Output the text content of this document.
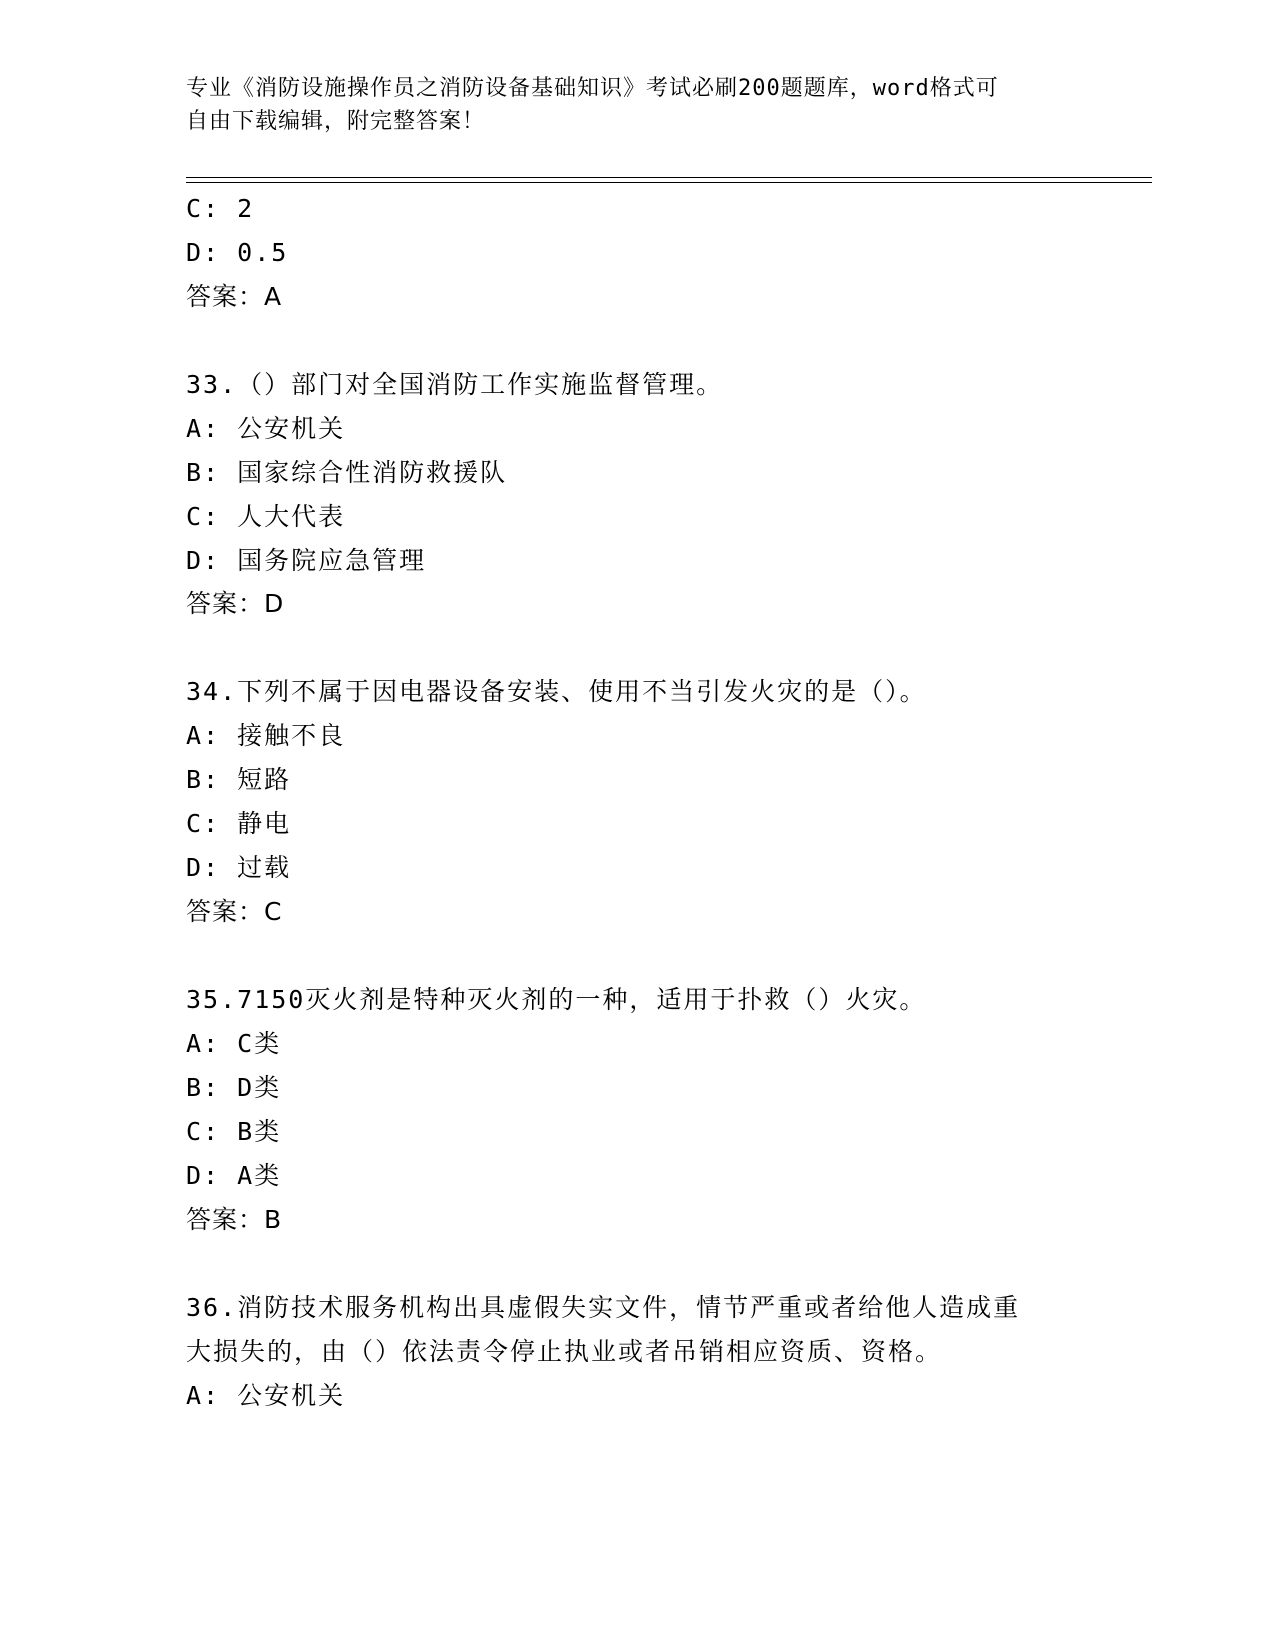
专业《消防设施操作员之消防设备基础知识》考试必刷200题题库，word格式可
自由下载编辑，附完整答案！
C: 2
D: 0.5
答案：A
33.（）部门对全国消防工作实施监督管理。
A: 公安机关
B: 国家综合性消防救援队
C: 人大代表
D: 国务院应急管理
答案：D
34.下列不属于因电器设备安装、使用不当引发火灾的是（）。
A: 接触不良
B: 短路
C: 静电
D: 过载
答案：C
35.7150灭火剂是特种灭火剂的一种，适用于扑救（）火灾。
A: C类
B: D类
C: B类
D: A类
答案：B
36.消防技术服务机构出具虚假失实文件，情节严重或者给他人造成重
大损失的，由（）依法责令停止执业或者吊销相应资质、资格。
A: 公安机关
